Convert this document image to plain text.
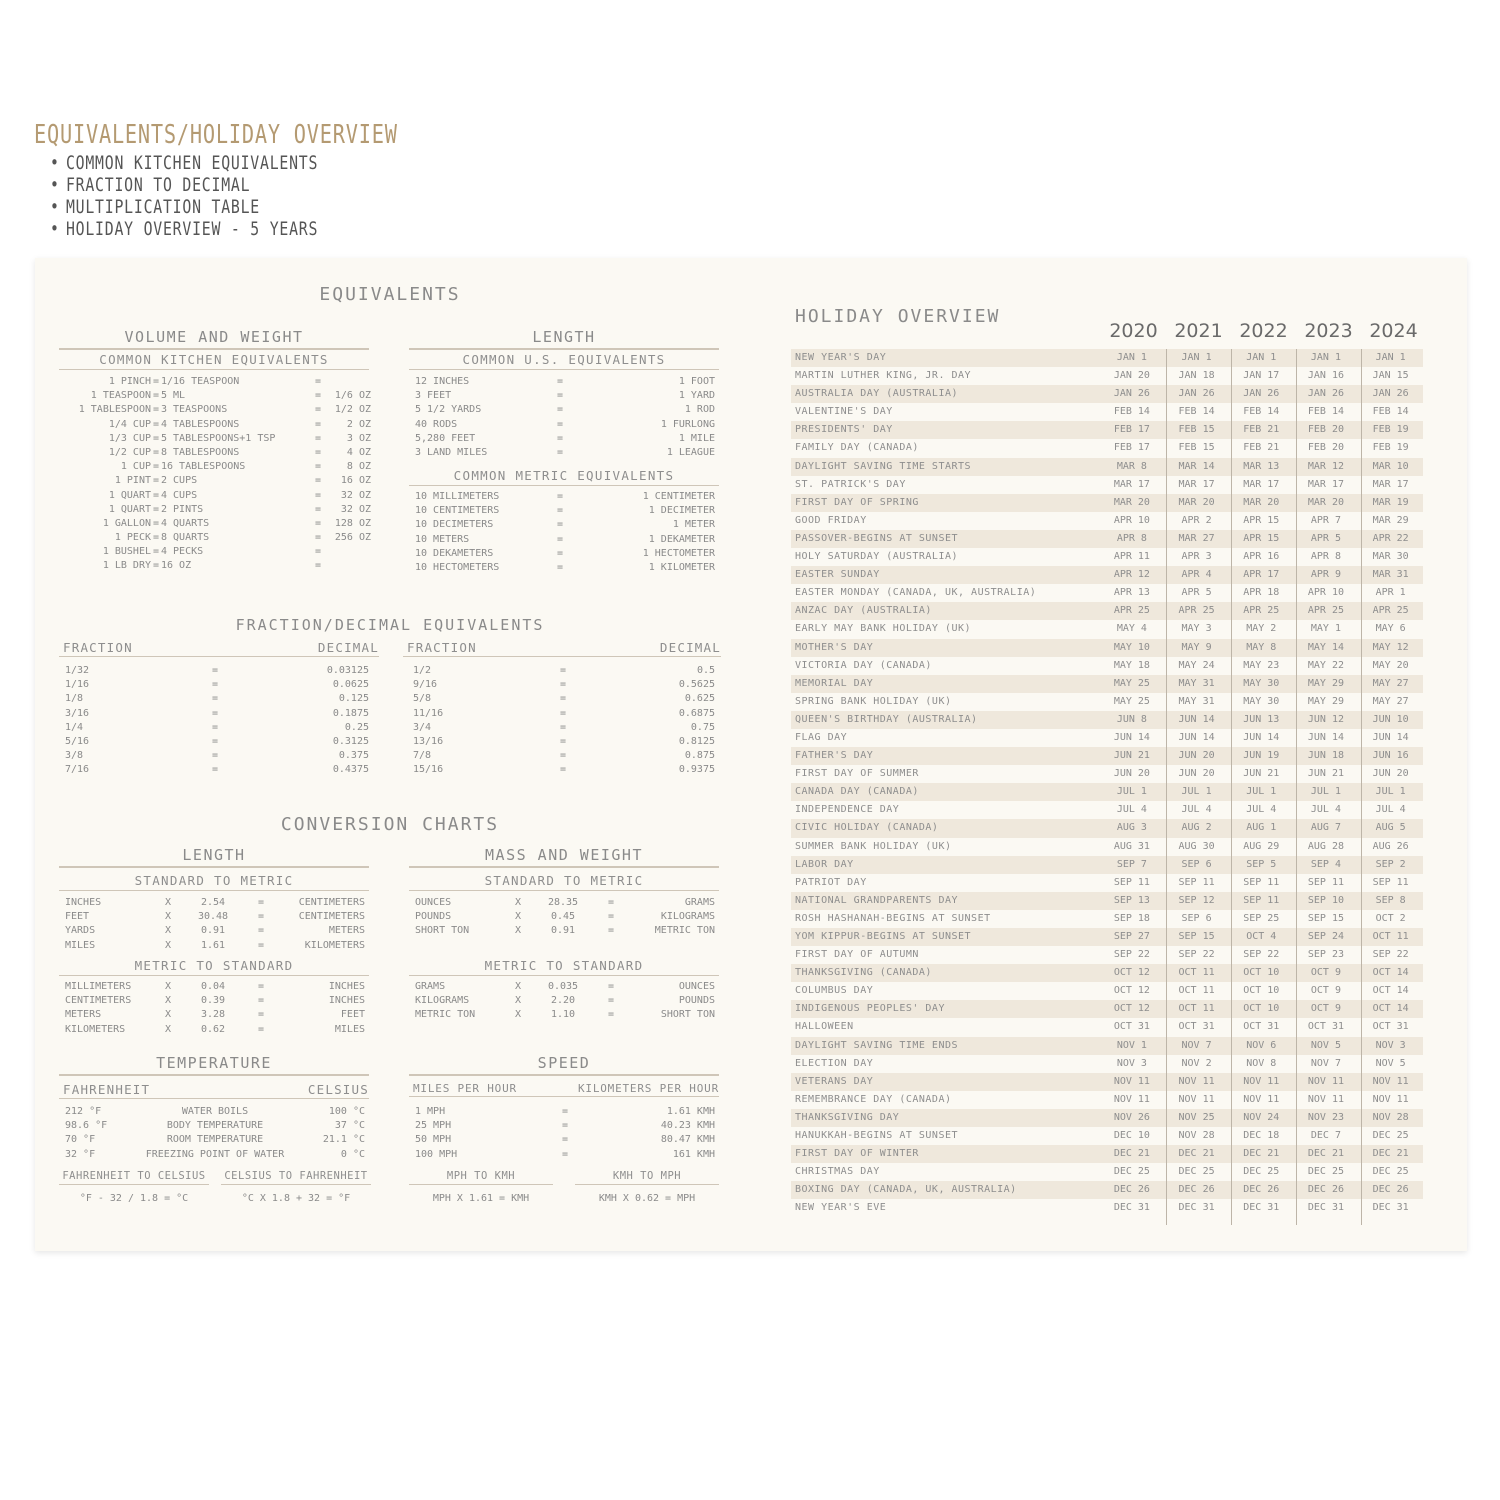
EQUIVALENTS/HOLIDAY OVERVIEW
• COMMON KITCHEN EQUIVALENTS
• FRACTION TO DECIMAL
• MULTIPLICATION TABLE
• HOLIDAY OVERVIEW - 5 YEARS
EQUIVALENTS
VOLUME AND WEIGHT
COMMON KITCHEN EQUIVALENTS
1 PINCH = 1/16 TEASPOON	=
1 TEASPOON = 5 ML	=	1/6 OZ
1 TABLESPOON = 3 TEASPOONS	=	1/2 OZ
1/4 CUP = 4 TABLESPOONS	=	2 OZ
1/3 CUP = 5 TABLESPOONS+1 TSP	=	3 OZ
1/2 CUP = 8 TABLESPOONS	=	4 OZ
1 CUP = 16 TABLESPOONS	=	8 OZ
1 PINT = 2 CUPS	=	16 OZ
1 QUART = 4 CUPS	=	32 OZ
1 QUART = 2 PINTS	=	32 OZ
1 GALLON = 4 QUARTS	=	128 OZ
1 PECK = 8 QUARTS	=	256 OZ
1 BUSHEL = 4 PECKS	=
1 LB DRY = 16 OZ	=
LENGTH
COMMON U.S. EQUIVALENTS
12 INCHES	=	1 FOOT
3 FEET	=	1 YARD
5 1/2 YARDS	=	1 ROD
40 RODS	=	1 FURLONG
5,280 FEET	=	1 MILE
3 LAND MILES	=	1 LEAGUE
COMMON METRIC EQUIVALENTS
10 MILLIMETERS	=	1 CENTIMETER
10 CENTIMETERS	=	1 DECIMETER
10 DECIMETERS	=	1 METER
10 METERS	=	1 DEKAMETER
10 DEKAMETERS	=	1 HECTOMETER
10 HECTOMETERS	=	1 KILOMETER
FRACTION/DECIMAL EQUIVALENTS
FRACTION	DECIMAL	FRACTION	DECIMAL
1/32	=	0.03125
1/16	=	0.0625
1/8	=	0.125
3/16	=	0.1875
1/4	=	0.25
5/16	=	0.3125
3/8	=	0.375
7/16	=	0.4375
1/2	=	0.5
9/16	=	0.5625
5/8	=	0.625
11/16	=	0.6875
3/4	=	0.75
13/16	=	0.8125
7/8	=	0.875
15/16	=	0.9375
CONVERSION CHARTS
LENGTH
STANDARD TO METRIC
INCHES	X	2.54	=	CENTIMETERS
FEET	X	30.48	=	CENTIMETERS
YARDS	X	0.91	=	METERS
MILES	X	1.61	=	KILOMETERS
METRIC TO STANDARD
MILLIMETERS	X	0.04	=	INCHES
CENTIMETERS	X	0.39	=	INCHES
METERS	X	3.28	=	FEET
KILOMETERS	X	0.62	=	MILES
MASS AND WEIGHT
STANDARD TO METRIC
OUNCES	X	28.35	=	GRAMS
POUNDS	X	0.45	=	KILOGRAMS
SHORT TON	X	0.91	=	METRIC TON
METRIC TO STANDARD
GRAMS	X	0.035	=	OUNCES
KILOGRAMS	X	2.20	=	POUNDS
METRIC TON	X	1.10	=	SHORT TON
TEMPERATURE
FAHRENHEIT	CELSIUS
212 °F	WATER BOILS	100 °C
98.6 °F	BODY TEMPERATURE	37 °C
70 °F	ROOM TEMPERATURE	21.1 °C
32 °F	FREEZING POINT OF WATER	0 °C
FAHRENHEIT TO CELSIUS	CELSIUS TO FAHRENHEIT
°F - 32 / 1.8 = °C	°C X 1.8 + 32 = °F
SPEED
MILES PER HOUR	KILOMETERS PER HOUR
1 MPH	=	1.61 KMH
25 MPH	=	40.23 KMH
50 MPH	=	80.47 KMH
100 MPH	=	161 KMH
MPH TO KMH	KMH TO MPH
MPH X 1.61 = KMH	KMH X 0.62 = MPH
HOLIDAY OVERVIEW
2020 2021 2022 2023 2024
NEW YEAR'S DAY	JAN 1	JAN 1	JAN 1	JAN 1	JAN 1
MARTIN LUTHER KING, JR. DAY	JAN 20	JAN 18	JAN 17	JAN 16	JAN 15
AUSTRALIA DAY (AUSTRALIA)	JAN 26	JAN 26	JAN 26	JAN 26	JAN 26
VALENTINE'S DAY	FEB 14	FEB 14	FEB 14	FEB 14	FEB 14
PRESIDENTS' DAY	FEB 17	FEB 15	FEB 21	FEB 20	FEB 19
FAMILY DAY (CANADA)	FEB 17	FEB 15	FEB 21	FEB 20	FEB 19
DAYLIGHT SAVING TIME STARTS	MAR 8	MAR 14	MAR 13	MAR 12	MAR 10
ST. PATRICK'S DAY	MAR 17	MAR 17	MAR 17	MAR 17	MAR 17
FIRST DAY OF SPRING	MAR 20	MAR 20	MAR 20	MAR 20	MAR 19
GOOD FRIDAY	APR 10	APR 2	APR 15	APR 7	MAR 29
PASSOVER-BEGINS AT SUNSET	APR 8	MAR 27	APR 15	APR 5	APR 22
HOLY SATURDAY (AUSTRALIA)	APR 11	APR 3	APR 16	APR 8	MAR 30
EASTER SUNDAY	APR 12	APR 4	APR 17	APR 9	MAR 31
EASTER MONDAY (CANADA, UK, AUSTRALIA)	APR 13	APR 5	APR 18	APR 10	APR 1
ANZAC DAY (AUSTRALIA)	APR 25	APR 25	APR 25	APR 25	APR 25
EARLY MAY BANK HOLIDAY (UK)	MAY 4	MAY 3	MAY 2	MAY 1	MAY 6
MOTHER'S DAY	MAY 10	MAY 9	MAY 8	MAY 14	MAY 12
VICTORIA DAY (CANADA)	MAY 18	MAY 24	MAY 23	MAY 22	MAY 20
MEMORIAL DAY	MAY 25	MAY 31	MAY 30	MAY 29	MAY 27
SPRING BANK HOLIDAY (UK)	MAY 25	MAY 31	MAY 30	MAY 29	MAY 27
QUEEN'S BIRTHDAY (AUSTRALIA)	JUN 8	JUN 14	JUN 13	JUN 12	JUN 10
FLAG DAY	JUN 14	JUN 14	JUN 14	JUN 14	JUN 14
FATHER'S DAY	JUN 21	JUN 20	JUN 19	JUN 18	JUN 16
FIRST DAY OF SUMMER	JUN 20	JUN 20	JUN 21	JUN 21	JUN 20
CANADA DAY (CANADA)	JUL 1	JUL 1	JUL 1	JUL 1	JUL 1
INDEPENDENCE DAY	JUL 4	JUL 4	JUL 4	JUL 4	JUL 4
CIVIC HOLIDAY (CANADA)	AUG 3	AUG 2	AUG 1	AUG 7	AUG 5
SUMMER BANK HOLIDAY (UK)	AUG 31	AUG 30	AUG 29	AUG 28	AUG 26
LABOR DAY	SEP 7	SEP 6	SEP 5	SEP 4	SEP 2
PATRIOT DAY	SEP 11	SEP 11	SEP 11	SEP 11	SEP 11
NATIONAL GRANDPARENTS DAY	SEP 13	SEP 12	SEP 11	SEP 10	SEP 8
ROSH HASHANAH-BEGINS AT SUNSET	SEP 18	SEP 6	SEP 25	SEP 15	OCT 2
YOM KIPPUR-BEGINS AT SUNSET	SEP 27	SEP 15	OCT 4	SEP 24	OCT 11
FIRST DAY OF AUTUMN	SEP 22	SEP 22	SEP 22	SEP 23	SEP 22
THANKSGIVING (CANADA)	OCT 12	OCT 11	OCT 10	OCT 9	OCT 14
COLUMBUS DAY	OCT 12	OCT 11	OCT 10	OCT 9	OCT 14
INDIGENOUS PEOPLES' DAY	OCT 12	OCT 11	OCT 10	OCT 9	OCT 14
HALLOWEEN	OCT 31	OCT 31	OCT 31	OCT 31	OCT 31
DAYLIGHT SAVING TIME ENDS	NOV 1	NOV 7	NOV 6	NOV 5	NOV 3
ELECTION DAY	NOV 3	NOV 2	NOV 8	NOV 7	NOV 5
VETERANS DAY	NOV 11	NOV 11	NOV 11	NOV 11	NOV 11
REMEMBRANCE DAY (CANADA)	NOV 11	NOV 11	NOV 11	NOV 11	NOV 11
THANKSGIVING DAY	NOV 26	NOV 25	NOV 24	NOV 23	NOV 28
HANUKKAH-BEGINS AT SUNSET	DEC 10	NOV 28	DEC 18	DEC 7	DEC 25
FIRST DAY OF WINTER	DEC 21	DEC 21	DEC 21	DEC 21	DEC 21
CHRISTMAS DAY	DEC 25	DEC 25	DEC 25	DEC 25	DEC 25
BOXING DAY (CANADA, UK, AUSTRALIA)	DEC 26	DEC 26	DEC 26	DEC 26	DEC 26
NEW YEAR'S EVE	DEC 31	DEC 31	DEC 31	DEC 31	DEC 31
